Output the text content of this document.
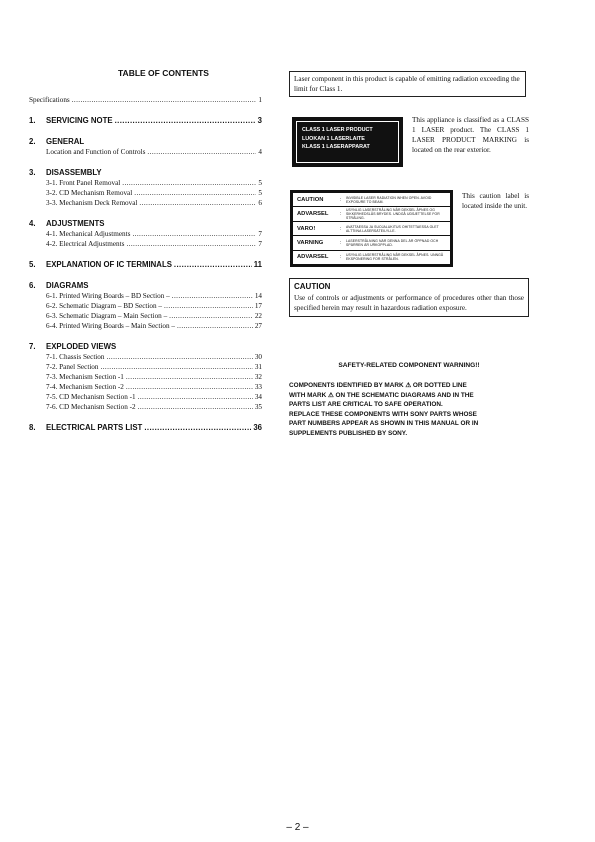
TABLE OF CONTENTS
Specifications .....	1
1. SERVICING NOTE .....	3
2. GENERAL
Location and Function of Controls .....	4
3. DISASSEMBLY
3-1. Front Panel Removal .....	5
3-2. CD Mechanism Removal .....	5
3-3. Mechanism Deck Removal .....	6
4. ADJUSTMENTS
4-1. Mechanical Adjustments .....	7
4-2. Electrical Adjustments .....	7
5. EXPLANATION OF IC TERMINALS .....	11
6. DIAGRAMS
6-1. Printed Wiring Boards – BD Section – .....	14
6-2. Schematic Diagram – BD Section – .....	17
6-3. Schematic Diagram – Main Section – .....	22
6-4. Printed Wiring Boards – Main Section – .....	27
7. EXPLODED VIEWS
7-1. Chassis Section .....	30
7-2. Panel Section .....	31
7-3. Mechanism Section -1 .....	32
7-4. Mechanism Section -2 .....	33
7-5. CD Mechanism Section -1 .....	34
7-6. CD Mechanism Section -2 .....	35
8. ELECTRICAL PARTS LIST .....	36
Laser component in this product is capable of emitting radiation exceeding the limit for Class 1.
CLASS 1 LASER PRODUCT
LUOKAN 1 LASERLAITE
KLASS 1 LASERAPPARAT
This appliance is classified as a CLASS 1 LASER product. The CLASS 1 LASER PRODUCT MARKING is located on the rear exterior.
CAUTION	:	INVISIBLE LASER RADIATION WHEN OPEN. AVOID EXPOSURE TO BEAM.
ADVARSEL	:
USYNLIG LASERSTRÅLING NÅR DEKSEL ÅPNES OG SIKKERHEDSLÅS BRYDES. UNDGÅ UDSÆTTELSE FOR STRÅLING.
VARO!	:	AVATTAESSA JA SUOJALUKITUS OHITETTAESSA OLET ALTTIINA LASERSÄTEILYLLE.
VARNING	:	LASERSTRÅLNING NÄR DENNA DEL ÄR ÖPPNAD OCH SPÄRREN ÄR URKOPPLAD.
ADVARSEL	:	USYNLIG LASERSTRÅLING NÅR DEKSEL ÅPNES. UNNGÅ EKSPONERING FOR STRÅLEN.
This caution label is located inside the unit.
CAUTION
Use of controls or adjustments or performance of procedures other than those specified herein may result in hazardous radiation exposure.
SAFETY-RELATED COMPONENT WARNING!!
COMPONENTS IDENTIFIED BY MARK ⚠ OR DOTTED LINE
WITH MARK ⚠ ON THE SCHEMATIC DIAGRAMS AND IN THE
PARTS LIST ARE CRITICAL TO SAFE OPERATION.
REPLACE THESE COMPONENTS WITH SONY PARTS WHOSE
PART NUMBERS APPEAR AS SHOWN IN THIS MANUAL OR IN
SUPPLEMENTS PUBLISHED BY SONY.
– 2 –
